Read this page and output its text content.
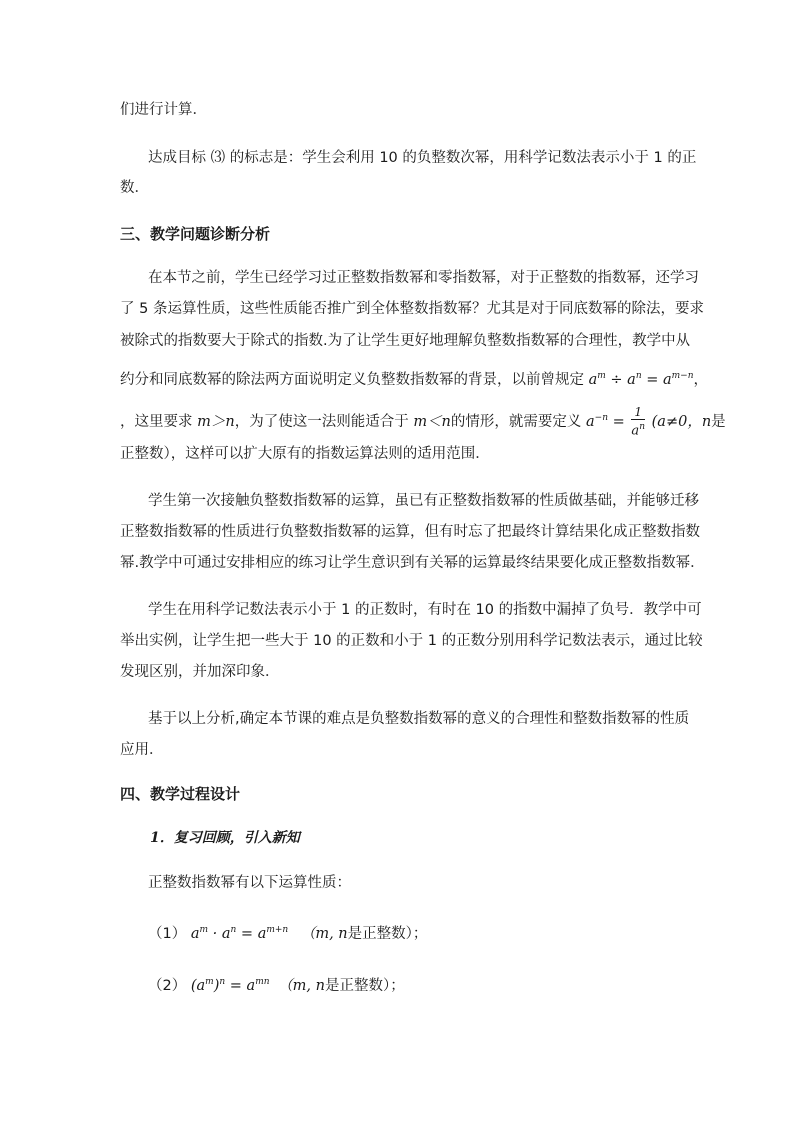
们进行计算．
达成目标 ⑶ 的标志是：学生会利用 10 的负整数次幂，用科学记数法表示小于 1 的正
数．
三、教学问题诊断分析
在本节之前，学生已经学习过正整数指数幂和零指数幂，对于正整数的指数幂，还学习
了 5 条运算性质，这些性质能否推广到全体整数指数幂？尤其是对于同底数幂的除法，要求
被除式的指数要大于除式的指数.为了让学生更好地理解负整数指数幂的合理性，教学中从
约分和同底数幂的除法两方面说明定义负整数指数幂的背景，以前曾规定 $a^m \div a^n = a^{m-n}$，
，这里要求 m＞n，为了使这一法则能适合于 m＜n的情形，就需要定义 $a^{-n} = \frac{1}{a^n} (a\ne 0$，n是
正整数），这样可以扩大原有的指数运算法则的适用范围．
学生第一次接触负整数指数幂的运算，虽已有正整数指数幂的性质做基础，并能够迁移
正整数指数幂的性质进行负整数指数幂的运算，但有时忘了把最终计算结果化成正整数指数
幂.教学中可通过安排相应的练习让学生意识到有关幂的运算最终结果要化成正整数指数幂．
学生在用科学记数法表示小于 1 的正数时，有时在 10 的指数中漏掉了负号．教学中可
举出实例，让学生把一些大于 10 的正数和小于 1 的正数分别用科学记数法表示，通过比较
发现区别，并加深印象．
基于以上分析,确定本节课的难点是负整数指数幂的意义的合理性和整数指数幂的性质
应用．
四、教学过程设计
1．复习回顾，引入新知
正整数指数幂有以下运算性质：
（1） $a^m \cdot a^n = a^{m+n}$ （m, n是正整数）；
（2） $(a^m)^n = a^{mn}$ （m, n是正整数）；
